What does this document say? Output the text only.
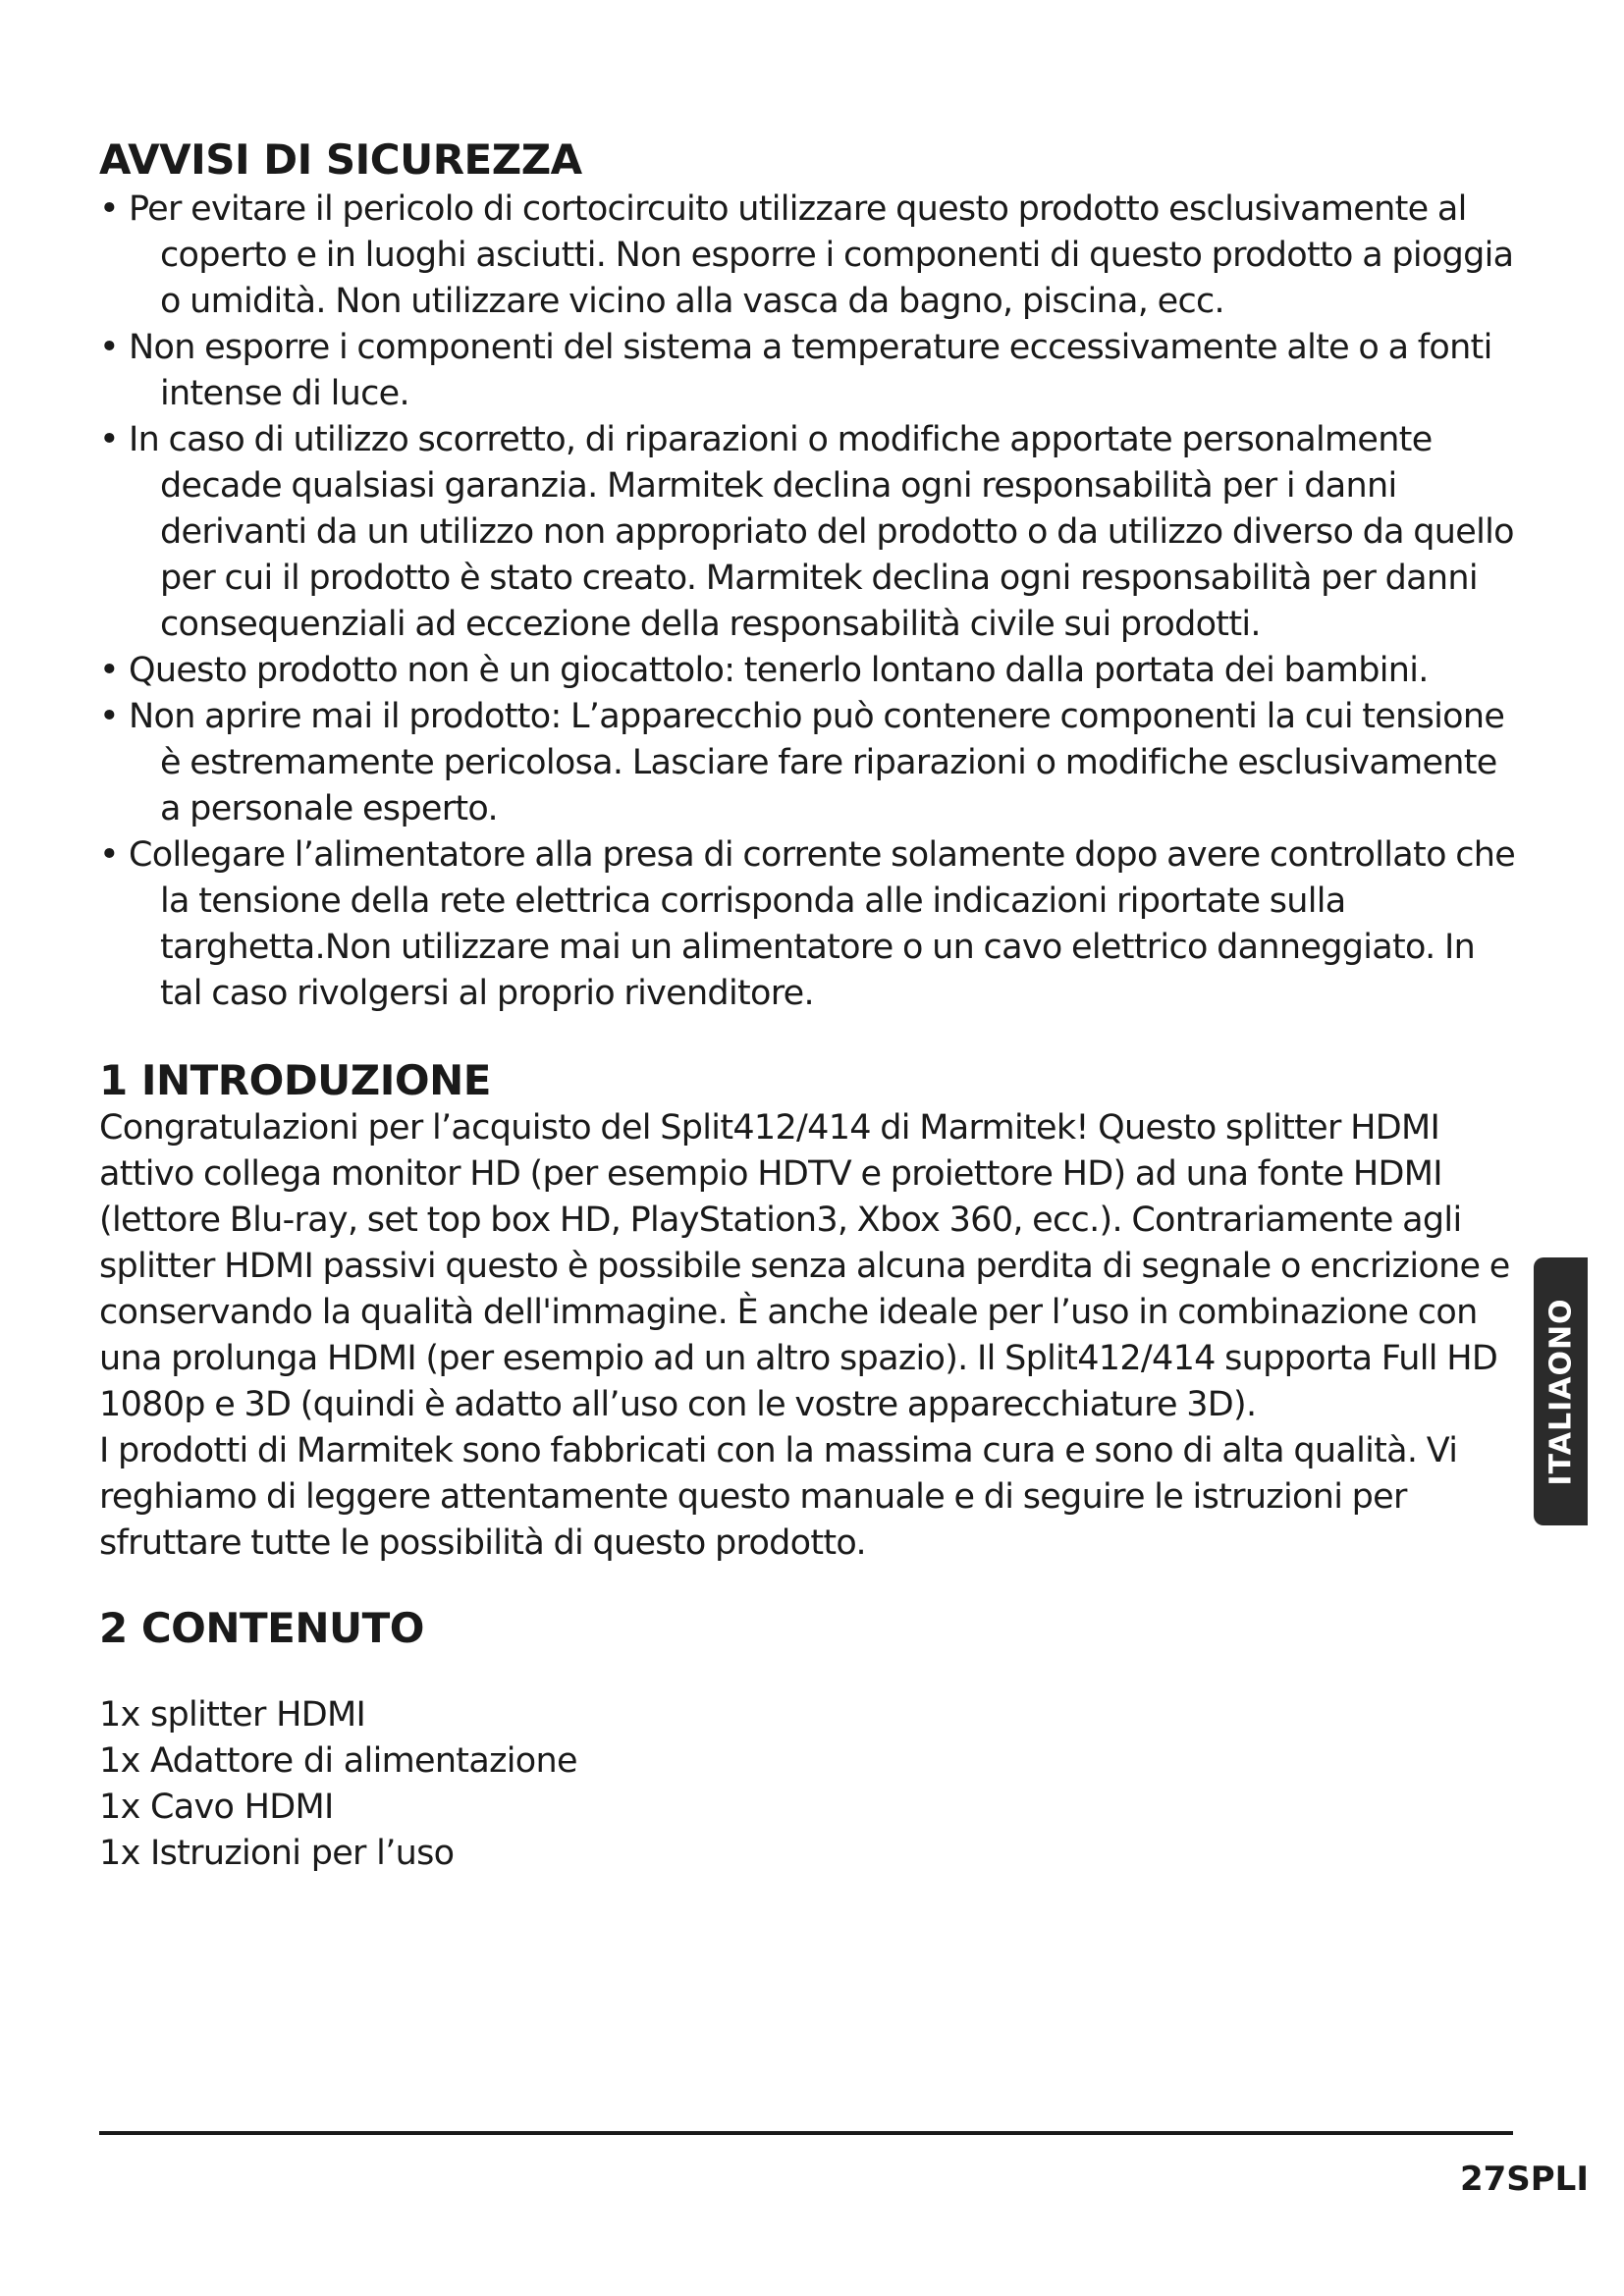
AVVISI DI SICUREZZA
• Per evitare il pericolo di cortocircuito utilizzare questo prodotto esclusivamente al coperto e in luoghi asciutti. Non esporre i componenti di questo prodotto a pioggia o umidità. Non utilizzare vicino alla vasca da bagno, piscina, ecc.
• Non esporre i componenti del sistema a temperature eccessivamente alte o a fonti intense di luce.
• In caso di utilizzo scorretto, di riparazioni o modifiche apportate personalmente decade qualsiasi garanzia. Marmitek declina ogni responsabilità per i danni derivanti da un utilizzo non appropriato del prodotto o da utilizzo diverso da quello per cui il prodotto è stato creato. Marmitek declina ogni responsabilità per danni consequenziali ad eccezione della responsabilità civile sui prodotti.
• Questo prodotto non è un giocattolo: tenerlo lontano dalla portata dei bambini.
• Non aprire mai il prodotto: L’apparecchio può contenere componenti la cui tensione è estremamente pericolosa. Lasciare fare riparazioni o modifiche esclusivamente a personale esperto.
• Collegare l’alimentatore alla presa di corrente solamente dopo avere controllato che la tensione della rete elettrica corrisponda alle indicazioni riportate sulla targhetta.Non utilizzare mai un alimentatore o un cavo elettrico danneggiato. In tal caso rivolgersi al proprio rivenditore.
1 INTRODUZIONE

Congratulazioni per l’acquisto del Split412/414 di Marmitek! Questo splitter HDMI attivo collega monitor HD (per esempio HDTV e proiettore HD) ad una fonte HDMI (lettore Blu-ray, set top box HD, PlayStation3, Xbox 360, ecc.). Contrariamente agli splitter HDMI passivi questo è possibile senza alcuna perdita di segnale o encrizione e conservando la qualità dell'immagine. È anche ideale per l’uso in combinazione con una prolunga HDMI (per esempio ad un altro spazio). Il Split412/414 supporta Full HD 1080p e 3D (quindi è adatto all’uso con le vostre apparecchiature 3D).

I prodotti di Marmitek sono fabbricati con la massima cura e sono di alta qualità. Vi reghiamo di leggere attentamente questo manuale e di seguire le istruzioni per sfruttare tutte le possibilità di questo prodotto.

2 CONTENUTO
1x splitter HDMI
1x Adattore di alimentazione
1x Cavo HDMI
1x Istruzioni per l’uso
ITALIAONO
27SPLI
